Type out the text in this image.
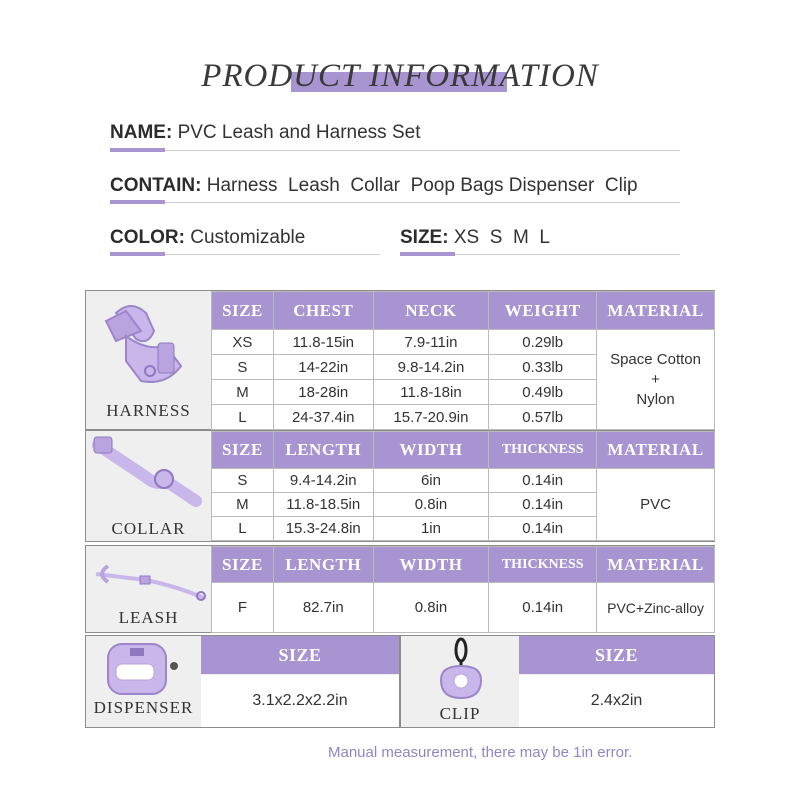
PRODUCT INFORMATION
NAME: PVC Leash and Harness Set
CONTAIN: Harness  Leash  Collar  Poop Bags Dispenser  Clip
COLOR: Customizable	SIZE: XS  S  M  L
HARNESS
SIZE	CHEST	NECK	WEIGHT	MATERIAL
XS	11.8-15in	7.9-11in	0.29lb	Space Cotton
+
Nylon

S	14-22in	9.8-14.2in	0.33lb	
M	18-28in	11.8-18in	0.49lb	
L	24-37.4in	15.7-20.9in	0.57lb	
COLLAR
SIZE	LENGTH	WIDTH	THICKNESS	MATERIAL
S	9.4-14.2in	6in	0.14in	PVC
M	11.8-18.5in	0.8in	0.14in	
L	15.3-24.8in	1in	0.14in	
LEASH
SIZE	LENGTH	WIDTH	THICKNESS	MATERIAL
F	82.7in	0.8in	0.14in	PVC+Zinc-alloy
DISPENSER
SIZE
3.1x2.2x2.2in
CLIP
SIZE
2.4x2in
Manual measurement, there may be 1in error.
